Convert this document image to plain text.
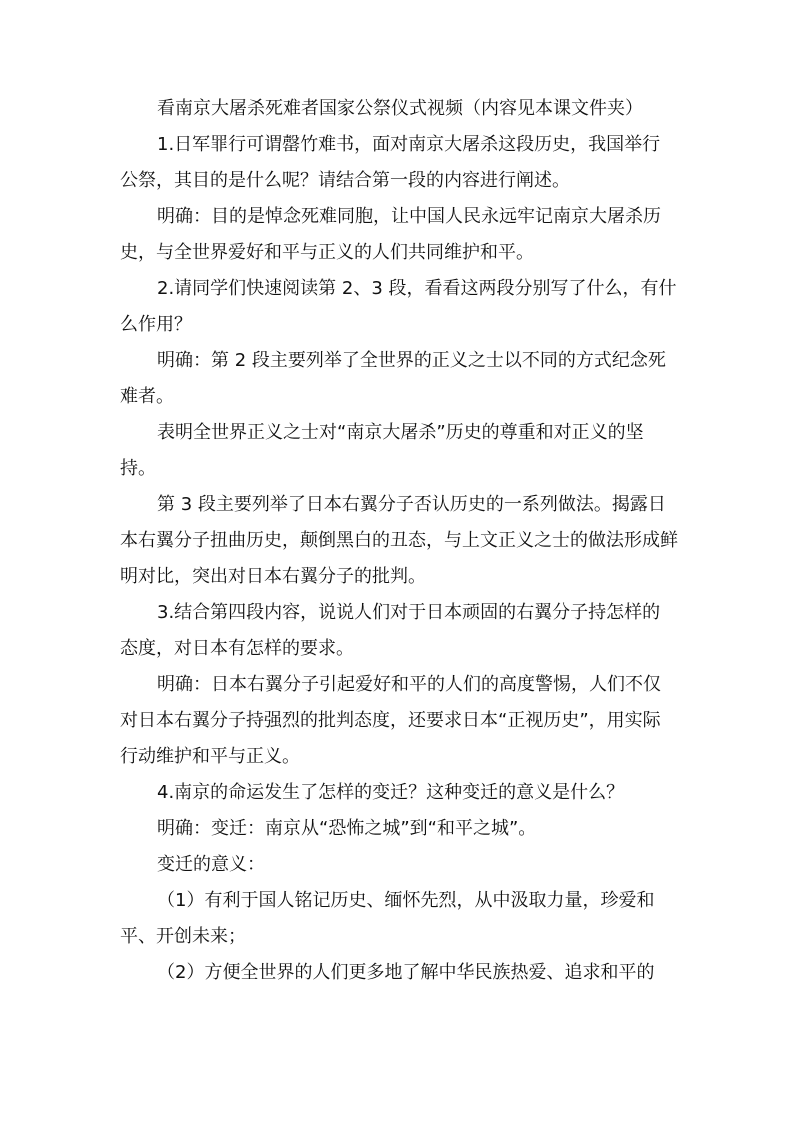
看南京大屠杀死难者国家公祭仪式视频（内容见本课文件夹）

1.日军罪行可谓罄竹难书，面对南京大屠杀这段历史，我国举行公祭，其目的是什么呢？请结合第一段的内容进行阐述。

明确：目的是悼念死难同胞，让中国人民永远牢记南京大屠杀历史，与全世界爱好和平与正义的人们共同维护和平。

2.请同学们快速阅读第 2、3 段，看看这两段分别写了什么，有什么作用？

明确：第 2 段主要列举了全世界的正义之士以不同的方式纪念死难者。

表明全世界正义之士对“南京大屠杀”历史的尊重和对正义的坚持。

第 3 段主要列举了日本右翼分子否认历史的一系列做法。揭露日本右翼分子扭曲历史，颠倒黑白的丑态，与上文正义之士的做法形成鲜明对比，突出对日本右翼分子的批判。

3.结合第四段内容，说说人们对于日本顽固的右翼分子持怎样的态度，对日本有怎样的要求。

明确：日本右翼分子引起爱好和平的人们的高度警惕，人们不仅对日本右翼分子持强烈的批判态度，还要求日本“正视历史”，用实际行动维护和平与正义。

4.南京的命运发生了怎样的变迁？这种变迁的意义是什么？

明确：变迁：南京从“恐怖之城”到“和平之城”。

变迁的意义：

（1）有利于国人铭记历史、缅怀先烈，从中汲取力量，珍爱和平、开创未来；

（2）方便全世界的人们更多地了解中华民族热爱、追求和平的
